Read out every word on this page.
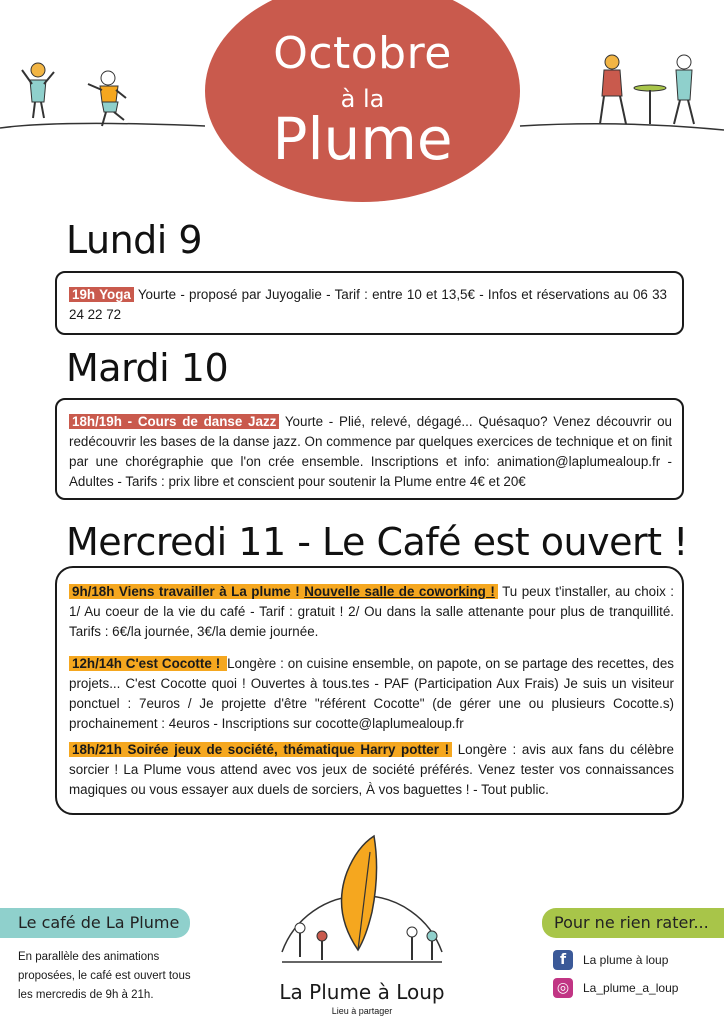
Octobre
à la
Plume
Lundi 9
19h Yoga Yourte - proposé par Juyogalie - Tarif : entre 10 et 13,5€ - Infos et réservations au 06 33 24 22 72
Mardi 10
18h/19h - Cours de danse Jazz Yourte - Plié, relevé, dégagé... Quésaquo? Venez découvrir ou redécouvrir les bases de la danse jazz. On commence par quelques exercices de technique et on finit par une chorégraphie que l'on crée ensemble. Inscriptions et info: animation@laplumealoup.fr - Adultes - Tarifs : prix libre et conscient pour soutenir la Plume entre 4€ et 20€
Mercredi 11 - Le Café est ouvert !
9h/18h Viens travailler à La plume ! Nouvelle salle de coworking ! Tu peux t'installer, au choix : 1/ Au coeur de la vie du café - Tarif : gratuit ! 2/ Ou dans la salle attenante pour plus de tranquillité. Tarifs : 6€/la journée, 3€/la demie journée.
12h/14h C'est Cocotte ! Longère : on cuisine ensemble, on papote, on se partage des recettes, des projets... C'est Cocotte quoi ! Ouvertes à tous.tes - PAF (Participation Aux Frais) Je suis un visiteur ponctuel : 7euros / Je projette d'être "référent Cocotte" (de gérer une ou plusieurs Cocotte.s) prochainement : 4euros - Inscriptions sur cocotte@laplumealoup.fr
18h/21h Soirée jeux de société, thématique Harry potter ! Longère : avis aux fans du célèbre sorcier ! La Plume vous attend avec vos jeux de société préférés. Venez tester vos connaissances magiques ou vous essayer aux duels de sorciers, À vos baguettes ! - Tout public.
Le café de La Plume
En parallèle des animations proposées, le café est ouvert tous les mercredis de 9h à 21h.	La Plume à Loup
Lieu à partager
Pour ne rien rater...
f	La plume à loup
◎	La_plume_a_loup
